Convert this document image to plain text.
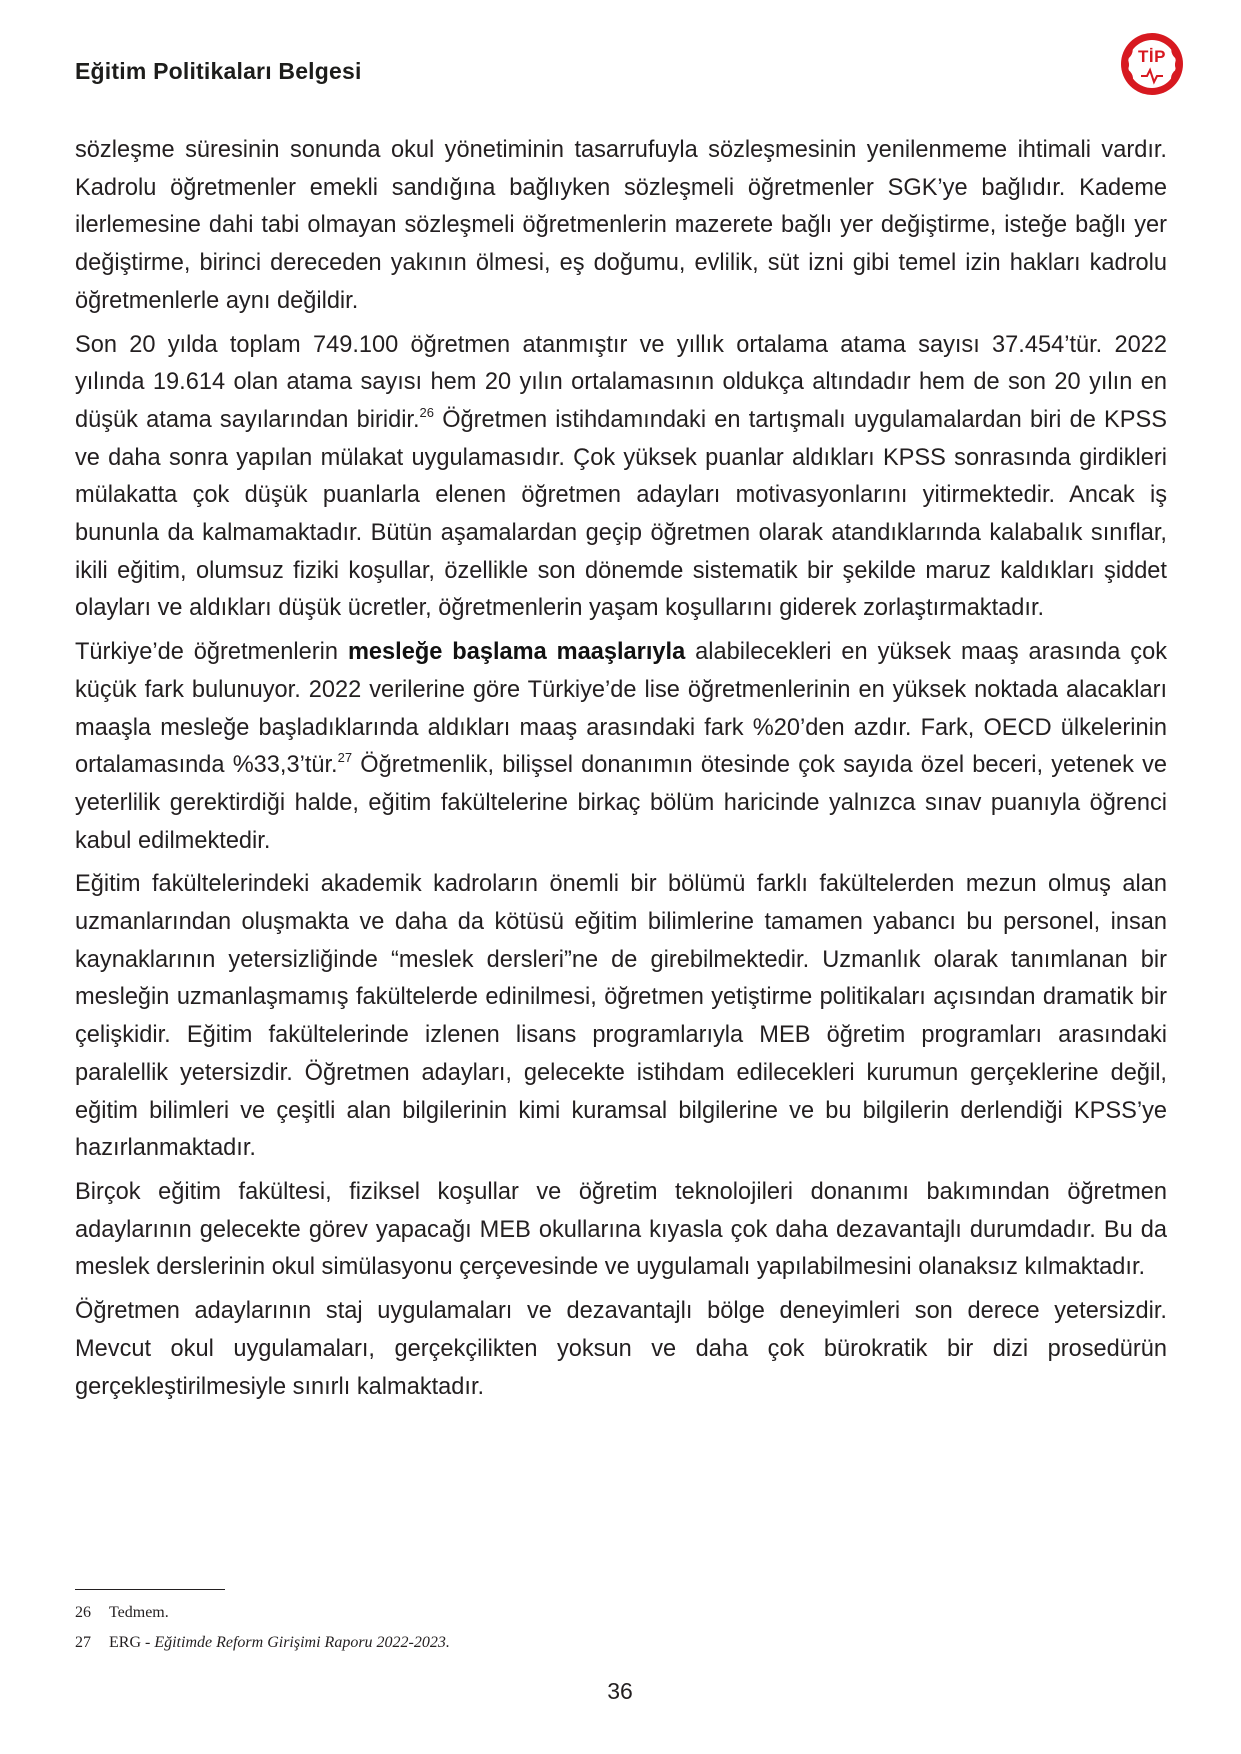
Eğitim Politikaları Belgesi
TİP

sözleşme süresinin sonunda okul yönetiminin tasarrufuyla sözleşmesinin yenilenmeme ihtimali vardır. Kadrolu öğretmenler emekli sandığına bağlıyken sözleşmeli öğretmenler SGK’ye bağlıdır. Kademe ilerlemesine dahi tabi olmayan sözleşmeli öğretmenlerin mazerete bağlı yer değiştirme, isteğe bağlı yer değiştirme, birinci dereceden yakının ölmesi, eş doğumu, evlilik, süt izni gibi temel izin hakları kadrolu öğretmenlerle aynı değildir.

Son 20 yılda toplam 749.100 öğretmen atanmıştır ve yıllık ortalama atama sayısı 37.454’tür. 2022 yılında 19.614 olan atama sayısı hem 20 yılın ortalamasının oldukça altındadır hem de son 20 yılın en düşük atama sayılarından biridir.$^{26}$ Öğretmen istihdamındaki en tartışmalı uygulamalardan biri de KPSS ve daha sonra yapılan mülakat uygulamasıdır. Çok yüksek puanlar aldıkları KPSS sonrasında girdikleri mülakatta çok düşük puanlarla elenen öğretmen adayları motivasyonlarını yitirmektedir. Ancak iş bununla da kalmamaktadır. Bütün aşamalardan geçip öğretmen olarak atandıklarında kalabalık sınıflar, ikili eğitim, olumsuz fiziki koşullar, özellikle son dönemde sistematik bir şekilde maruz kaldıkları şiddet olayları ve aldıkları düşük ücretler, öğretmenlerin yaşam koşullarını giderek zorlaştırmaktadır.

Türkiye’de öğretmenlerin mesleğe başlama maaşlarıyla alabilecekleri en yüksek maaş arasında çok küçük fark bulunuyor. 2022 verilerine göre Türkiye’de lise öğretmenlerinin en yüksek noktada alacakları maaşla mesleğe başladıklarında aldıkları maaş arasındaki fark %20’den azdır. Fark, OECD ülkelerinin ortalamasında %33,3’tür.$^{27}$ Öğretmenlik, bilişsel donanımın ötesinde çok sayıda özel beceri, yetenek ve yeterlilik gerektirdiği halde, eğitim fakültelerine birkaç bölüm haricinde yalnızca sınav puanıyla öğrenci kabul edilmektedir.

Eğitim fakültelerindeki akademik kadroların önemli bir bölümü farklı fakültelerden mezun olmuş alan uzmanlarından oluşmakta ve daha da kötüsü eğitim bilimlerine tamamen yabancı bu personel, insan kaynaklarının yetersizliğinde “meslek dersleri”ne de girebilmektedir. Uzmanlık olarak tanımlanan bir mesleğin uzmanlaşmamış fakültelerde edinilmesi, öğretmen yetiştirme politikaları açısından dramatik bir çelişkidir. Eğitim fakültelerinde izlenen lisans programlarıyla MEB öğretim programları arasındaki paralellik yetersizdir. Öğretmen adayları, gelecekte istihdam edilecekleri kurumun gerçeklerine değil, eğitim bilimleri ve çeşitli alan bilgilerinin kimi kuramsal bilgilerine ve bu bilgilerin derlendiği KPSS’ye hazırlanmaktadır.

Birçok eğitim fakültesi, fiziksel koşullar ve öğretim teknolojileri donanımı bakımından öğretmen adaylarının gelecekte görev yapacağı MEB okullarına kıyasla çok daha dezavantajlı durumdadır. Bu da meslek derslerinin okul simülasyonu çerçevesinde ve uygulamalı yapılabilmesini olanaksız kılmaktadır.

Öğretmen adaylarının staj uygulamaları ve dezavantajlı bölge deneyimleri son derece yetersizdir. Mevcut okul uygulamaları, gerçekçilikten yoksun ve daha çok bürokratik bir dizi prosedürün gerçekleştirilmesiyle sınırlı kalmaktadır.

26 Tedmem.
27 ERG - Eğitimde Reform Girişimi Raporu 2022-2023.
36
